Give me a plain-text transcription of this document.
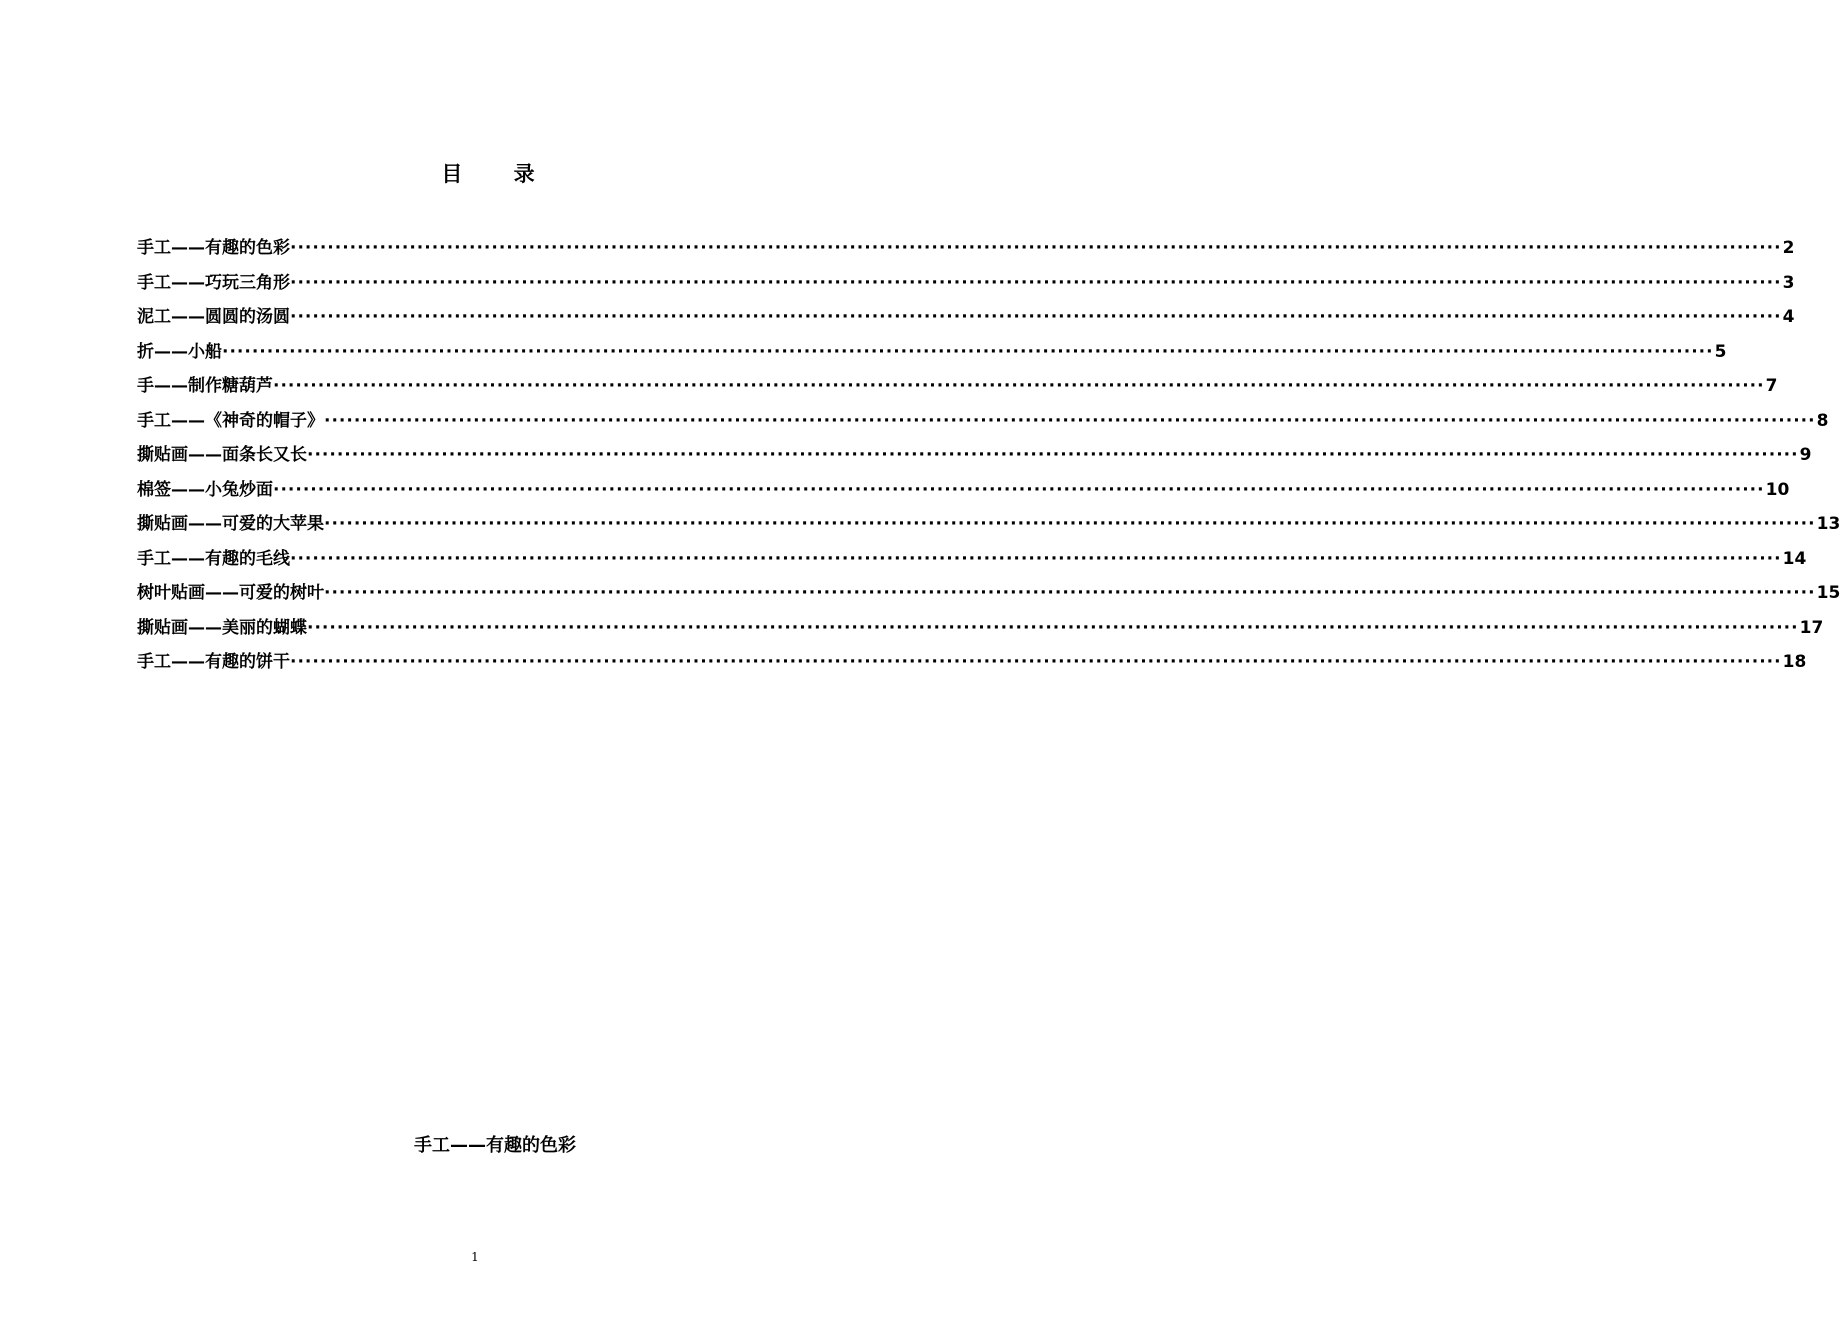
目 录
手工——有趣的色彩 ········································································································································································································ 2
手工——巧玩三角形 ········································································································································································································ 3
泥工——圆圆的汤圆 ········································································································································································································ 4
折——小船 ········································································································································································································ 5
手——制作糖葫芦 ········································································································································································································ 7
手工——《神奇的帽子》 ········································································································································································································ 8
撕贴画——面条长又长 ········································································································································································································ 9
棉签——小兔炒面 ········································································································································································································ 10
撕贴画——可爱的大苹果 ········································································································································································································ 13
手工——有趣的毛线 ········································································································································································································ 14
树叶贴画——可爱的树叶 ········································································································································································································ 15
撕贴画——美丽的蝴蝶 ········································································································································································································ 17
手工——有趣的饼干 ········································································································································································································ 18
手工——有趣的色彩
1
